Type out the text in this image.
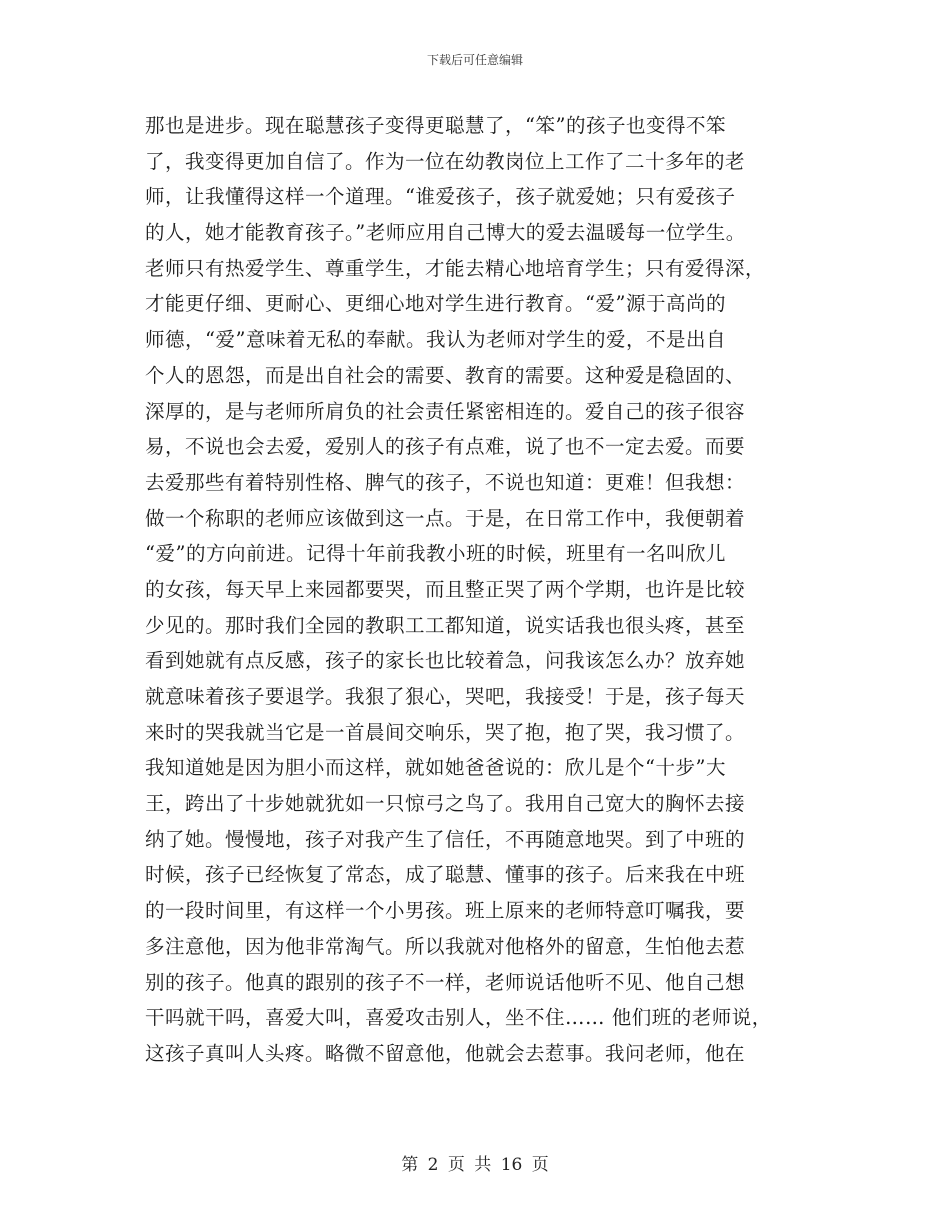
下载后可任意编辑
那也是进步。现在聪慧孩子变得更聪慧了，“笨”的孩子也变得不笨
了，我变得更加自信了。作为一位在幼教岗位上工作了二十多年的老
师，让我懂得这样一个道理。“谁爱孩子，孩子就爱她；只有爱孩子
的人，她才能教育孩子。”老师应用自己博大的爱去温暖每一位学生。
老师只有热爱学生、尊重学生，才能去精心地培育学生；只有爱得深，
才能更仔细、更耐心、更细心地对学生进行教育。“爱”源于高尚的
师德，“爱”意味着无私的奉献。我认为老师对学生的爱，不是出自
个人的恩怨，而是出自社会的需要、教育的需要。这种爱是稳固的、
深厚的，是与老师所肩负的社会责任紧密相连的。爱自己的孩子很容
易，不说也会去爱，爱别人的孩子有点难，说了也不一定去爱。而要
去爱那些有着特别性格、脾气的孩子，不说也知道：更难！但我想：
做一个称职的老师应该做到这一点。于是，在日常工作中，我便朝着
“爱”的方向前进。记得十年前我教小班的时候，班里有一名叫欣儿
的女孩，每天早上来园都要哭，而且整正哭了两个学期，也许是比较
少见的。那时我们全园的教职工工都知道，说实话我也很头疼，甚至
看到她就有点反感，孩子的家长也比较着急，问我该怎么办？放弃她
就意味着孩子要退学。我狠了狠心，哭吧，我接受！于是，孩子每天
来时的哭我就当它是一首晨间交响乐，哭了抱，抱了哭，我习惯了。
我知道她是因为胆小而这样，就如她爸爸说的：欣儿是个“十步”大
王，跨出了十步她就犹如一只惊弓之鸟了。我用自己宽大的胸怀去接
纳了她。慢慢地，孩子对我产生了信任，不再随意地哭。到了中班的
时候，孩子已经恢复了常态，成了聪慧、懂事的孩子。后来我在中班
的一段时间里，有这样一个小男孩。班上原来的老师特意叮嘱我，要
多注意他，因为他非常淘气。所以我就对他格外的留意，生怕他去惹
别的孩子。他真的跟别的孩子不一样，老师说话他听不见、他自己想
干吗就干吗，喜爱大叫，喜爱攻击别人，坐不住…… 他们班的老师说，
这孩子真叫人头疼。略微不留意他，他就会去惹事。我问老师，他在
第 2 页 共 16 页
